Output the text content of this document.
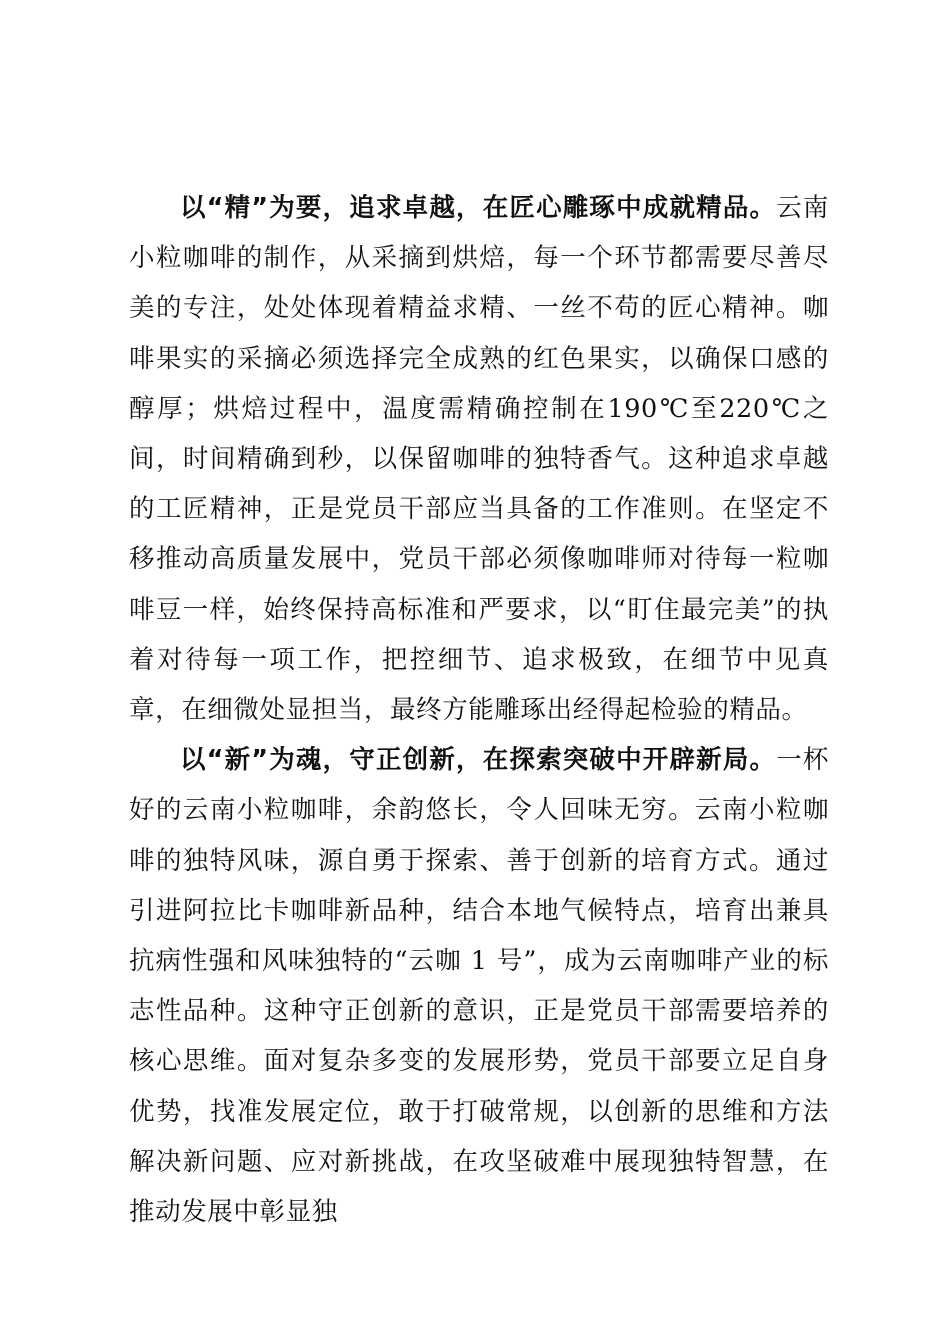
以“精”为要，追求卓越，在匠心雕琢中成就精品。云南小粒咖啡的制作，从采摘到烘焙，每一个环节都需要尽善尽美的专注，处处体现着精益求精、一丝不苟的匠心精神。咖啡果实的采摘必须选择完全成熟的红色果实，以确保口感的醇厚；烘焙过程中，温度需精确控制在190℃至220℃之间，时间精确到秒，以保留咖啡的独特香气。这种追求卓越的工匠精神，正是党员干部应当具备的工作准则。在坚定不移推动高质量发展中，党员干部必须像咖啡师对待每一粒咖啡豆一样，始终保持高标准和严要求，以“盯住最完美”的执着对待每一项工作，把控细节、追求极致，在细节中见真章，在细微处显担当，最终方能雕琢出经得起检验的精品。

以“新”为魂，守正创新，在探索突破中开辟新局。一杯好的云南小粒咖啡，余韵悠长，令人回味无穷。云南小粒咖啡的独特风味，源自勇于探索、善于创新的培育方式。通过引进阿拉比卡咖啡新品种，结合本地气候特点，培育出兼具抗病性强和风味独特的“云咖 1 号”，成为云南咖啡产业的标志性品种。这种守正创新的意识，正是党员干部需要培养的核心思维。面对复杂多变的发展形势，党员干部要立足自身优势，找准发展定位，敢于打破常规，以创新的思维和方法解决新问题、应对新挑战，在攻坚破难中展现独特智慧，在推动发展中彰显独
